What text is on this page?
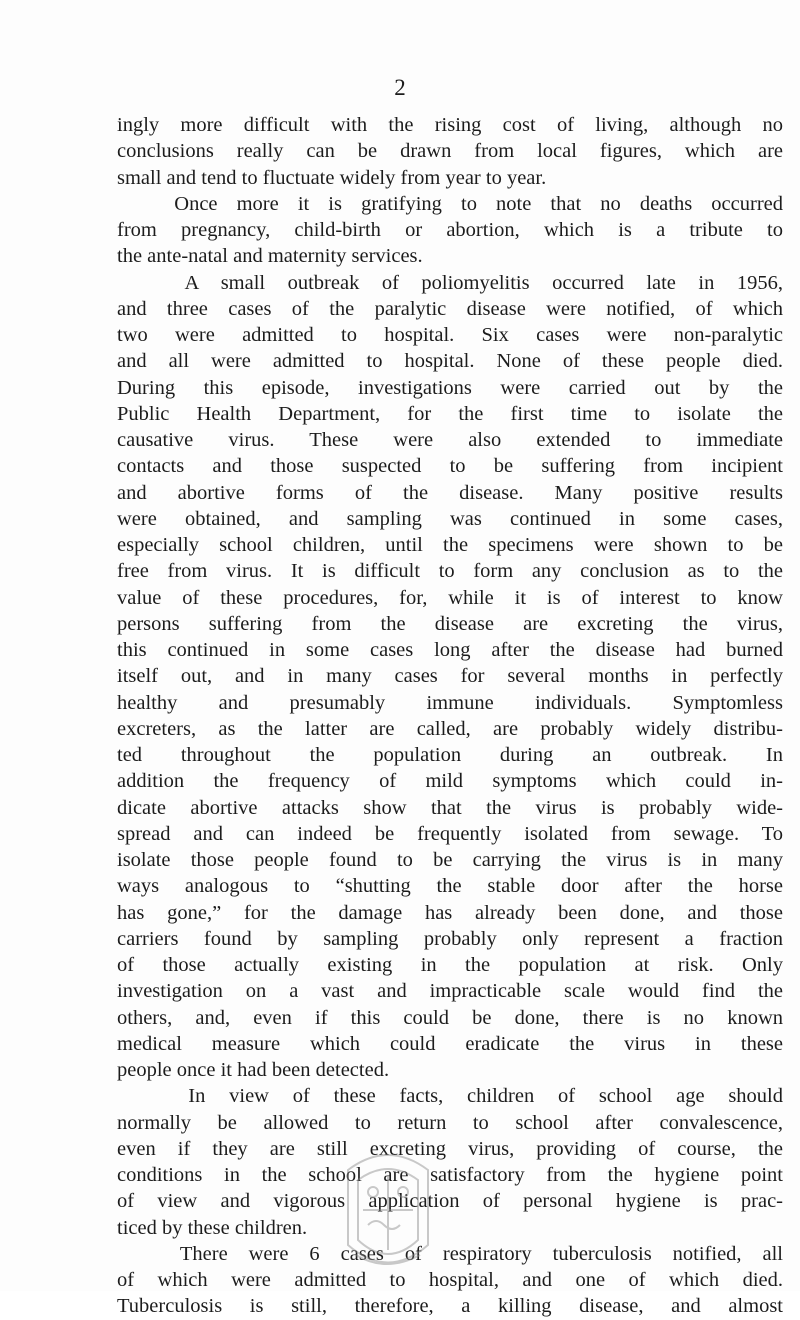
2
ingly more difficult with the rising cost of living, although no
conclusions really can be drawn from local figures, which are
small and tend to fluctuate widely from year to year.
Once more it is gratifying to note that no deaths occurred
from pregnancy, child-birth or abortion, which is a tribute to
the ante-natal and maternity services.
A small outbreak of poliomyelitis occurred late in 1956,
and three cases of the paralytic disease were notified, of which
two were admitted to hospital. Six cases were non-paralytic
and all were admitted to hospital. None of these people died.
During this episode, investigations were carried out by the
Public Health Department, for the first time to isolate the
causative virus. These were also extended to immediate
contacts and those suspected to be suffering from incipient
and abortive forms of the disease. Many positive results
were obtained, and sampling was continued in some cases,
especially school children, until the specimens were shown to be
free from virus. It is difficult to form any conclusion as to the
value of these procedures, for, while it is of interest to know
persons suffering from the disease are excreting the virus,
this continued in some cases long after the disease had burned
itself out, and in many cases for several months in perfectly
healthy and presumably immune individuals. Symptomless
excreters, as the latter are called, are probably widely distribu-
ted throughout the population during an outbreak. In
addition the frequency of mild symptoms which could in-
dicate abortive attacks show that the virus is probably wide-
spread and can indeed be frequently isolated from sewage. To
isolate those people found to be carrying the virus is in many
ways analogous to “shutting the stable door after the horse
has gone,” for the damage has already been done, and those
carriers found by sampling probably only represent a fraction
of those actually existing in the population at risk. Only
investigation on a vast and impracticable scale would find the
others, and, even if this could be done, there is no known
medical measure which could eradicate the virus in these
people once it had been detected.
In view of these facts, children of school age should
normally be allowed to return to school after convalescence,
even if they are still excreting virus, providing of course, the
conditions in the school are satisfactory from the hygiene point
of view and vigorous application of personal hygiene is prac-
ticed by these children.
There were 6 cases of respiratory tuberculosis notified, all
of which were admitted to hospital, and one of which died.
Tuberculosis is still, therefore, a killing disease, and almost
